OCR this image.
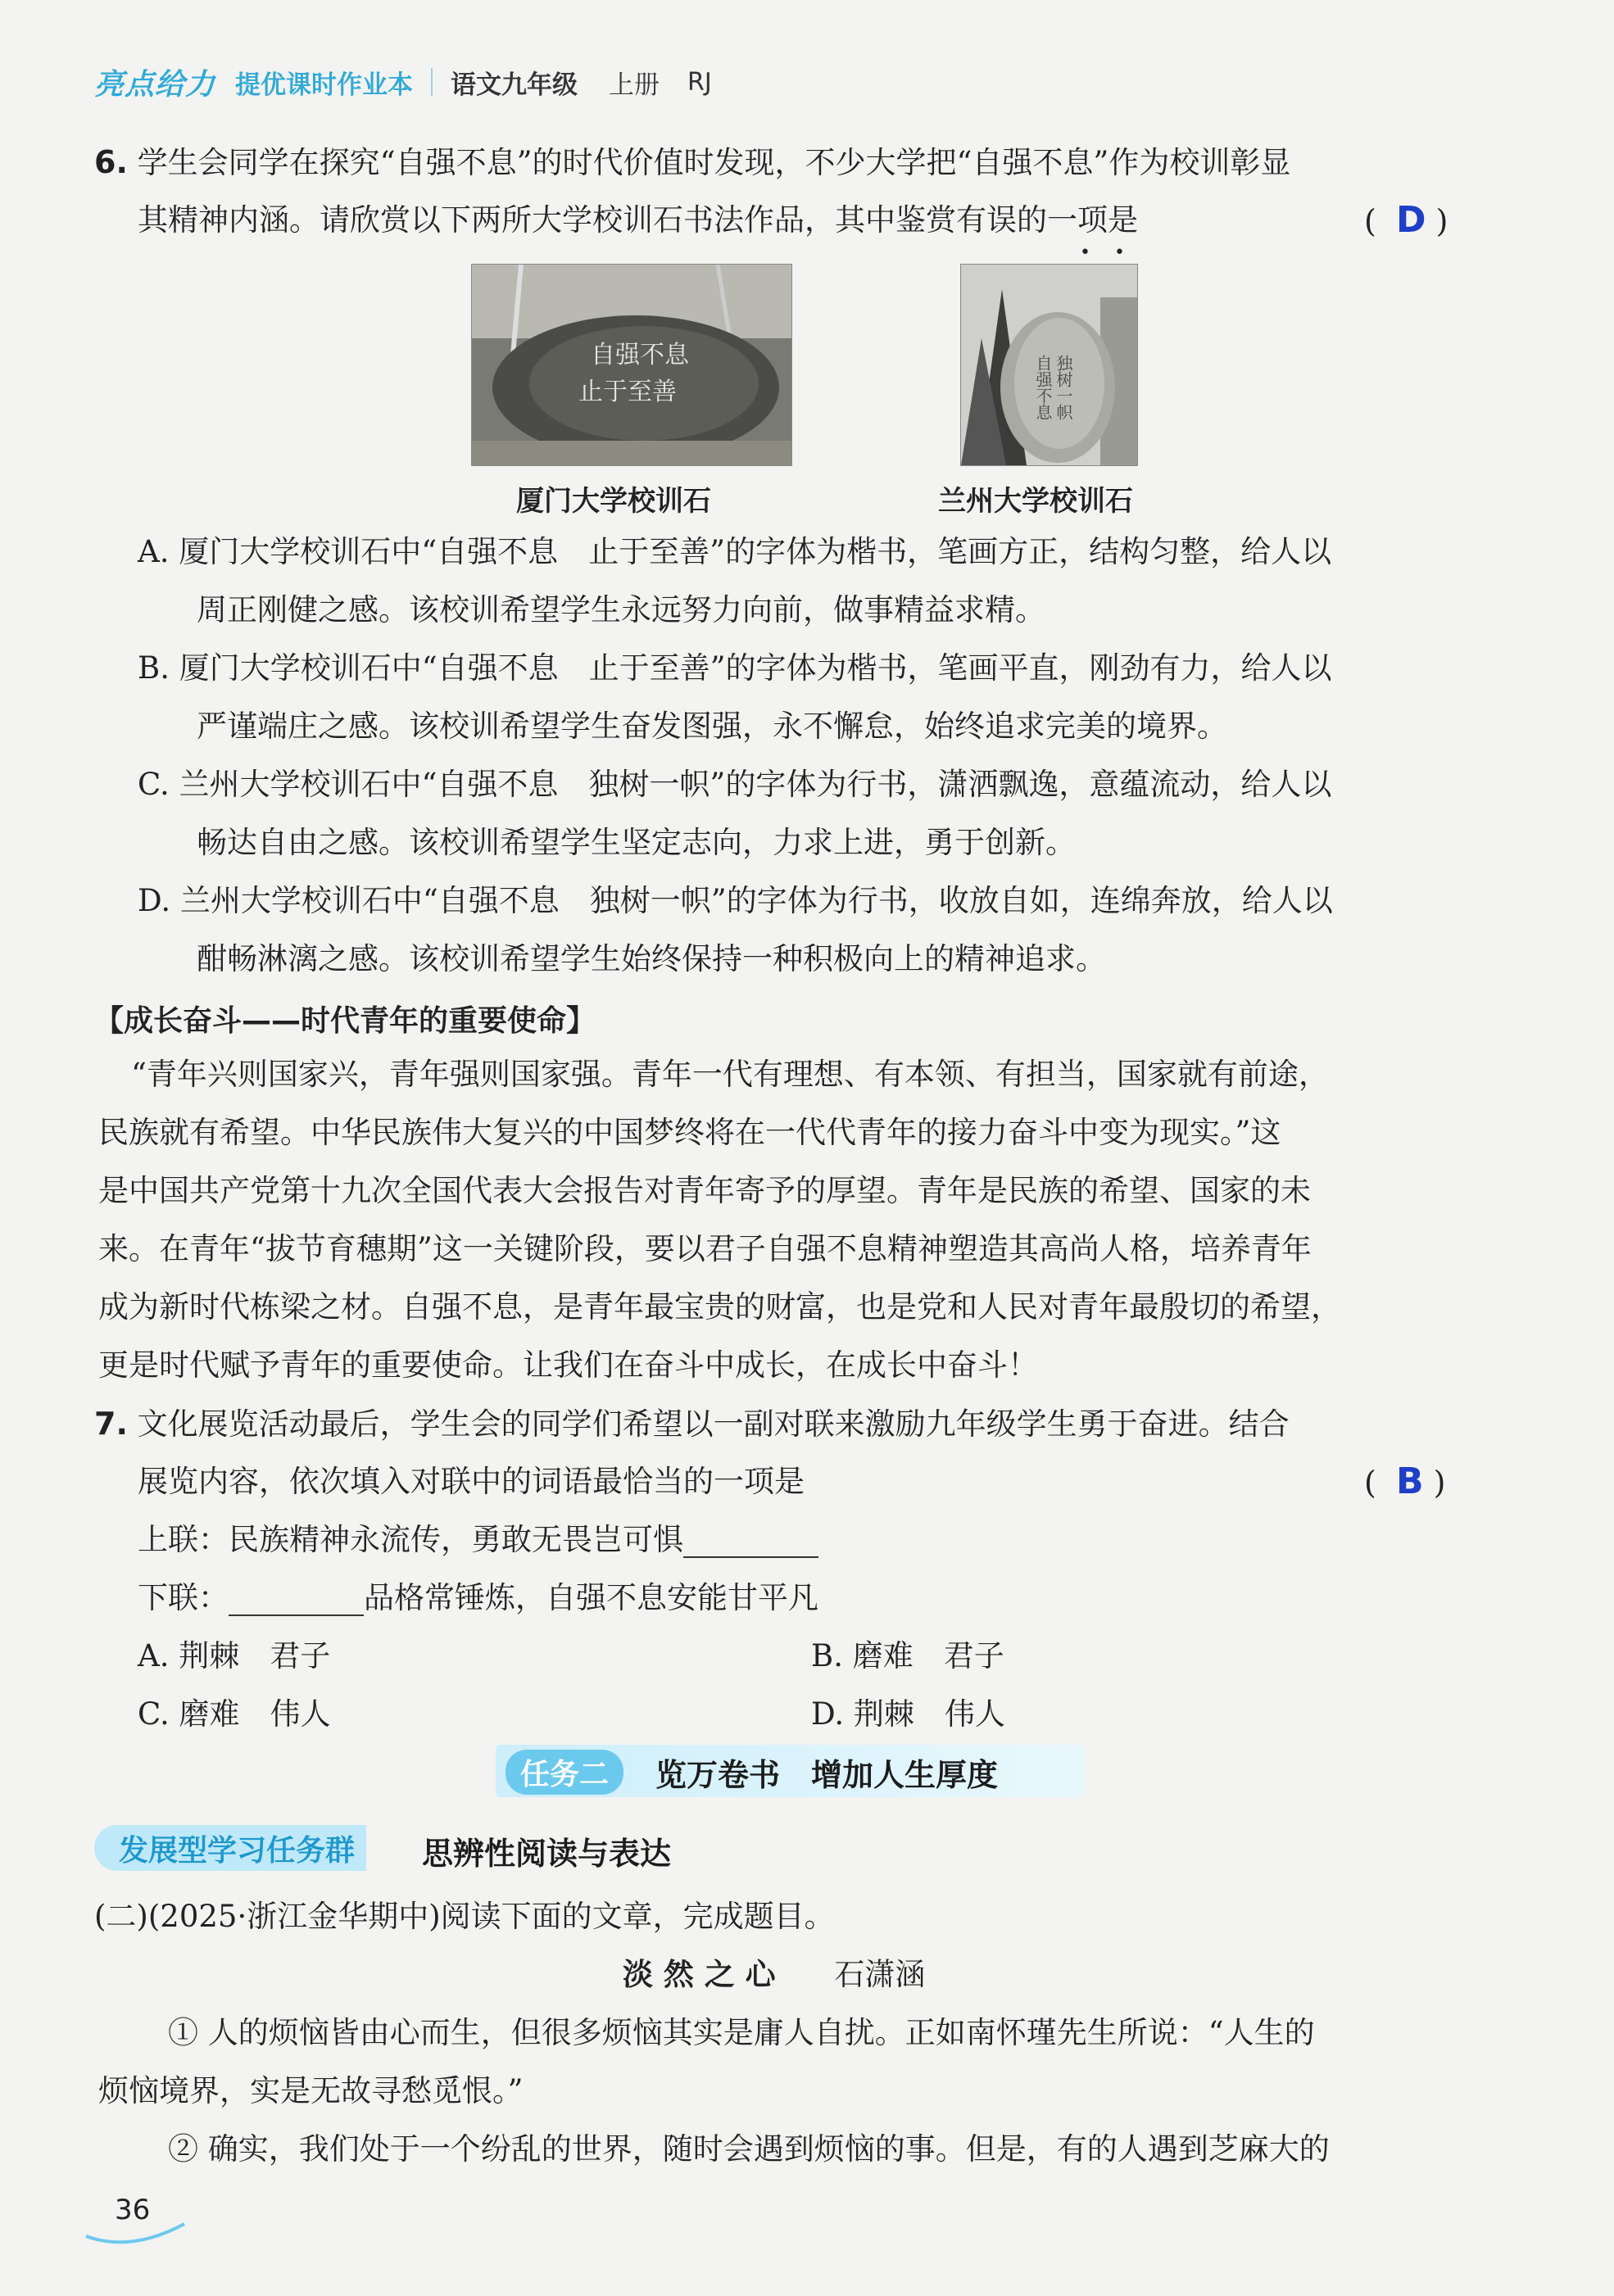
亮点给力 提优课时作业本 语文九年级 上册 RJ
6. 学生会同学在探究“自强不息”的时代价值时发现，不少大学把“自强不息”作为校训彰显
其精神内涵。请欣赏以下两所大学校训石书法作品，其中鉴赏有误的一项是
• •
(  D )
自强不息
止于至善	自强不息 独树一帜
厦门大学校训石	兰州大学校训石
A. 厦门大学校训石中“自强不息　止于至善”的字体为楷书，笔画方正，结构匀整，给人以
周正刚健之感。该校训希望学生永远努力向前，做事精益求精。
B. 厦门大学校训石中“自强不息　止于至善”的字体为楷书，笔画平直，刚劲有力，给人以
严谨端庄之感。该校训希望学生奋发图强，永不懈怠，始终追求完美的境界。
C. 兰州大学校训石中“自强不息　独树一帜”的字体为行书，潇洒飘逸，意蕴流动，给人以
畅达自由之感。该校训希望学生坚定志向，力求上进，勇于创新。
D. 兰州大学校训石中“自强不息　独树一帜”的字体为行书，收放自如，连绵奔放，给人以
酣畅淋漓之感。该校训希望学生始终保持一种积极向上的精神追求。
【成长奋斗——时代青年的重要使命】
“青年兴则国家兴，青年强则国家强。青年一代有理想、有本领、有担当，国家就有前途，
民族就有希望。中华民族伟大复兴的中国梦终将在一代代青年的接力奋斗中变为现实。”这
是中国共产党第十九次全国代表大会报告对青年寄予的厚望。青年是民族的希望、国家的未
来。在青年“拔节育穗期”这一关键阶段，要以君子自强不息精神塑造其高尚人格，培养青年
成为新时代栋梁之材。自强不息，是青年最宝贵的财富，也是党和人民对青年最殷切的希望，
更是时代赋予青年的重要使命。让我们在奋斗中成长，在成长中奋斗！
7. 文化展览活动最后，学生会的同学们希望以一副对联来激励九年级学生勇于奋进。结合
展览内容，依次填入对联中的词语最恰当的一项是	(  B )
上联：民族精神永流传，勇敢无畏岂可惧
下联：	品格常锤炼，自强不息安能甘平凡
A. 荆棘　君子	B. 磨难　君子
C. 磨难　伟人	D. 荆棘　伟人
任务二	览万卷书　增加人生厚度
发展型学习任务群 思辨性阅读与表达
(二)(2025·浙江金华期中)阅读下面的文章，完成题目。
淡 然 之 心 石潇涵
① 人的烦恼皆由心而生，但很多烦恼其实是庸人自扰。正如南怀瑾先生所说：“人生的
烦恼境界，实是无故寻愁觅恨。”
② 确实，我们处于一个纷乱的世界，随时会遇到烦恼的事。但是，有的人遇到芝麻大的
36
